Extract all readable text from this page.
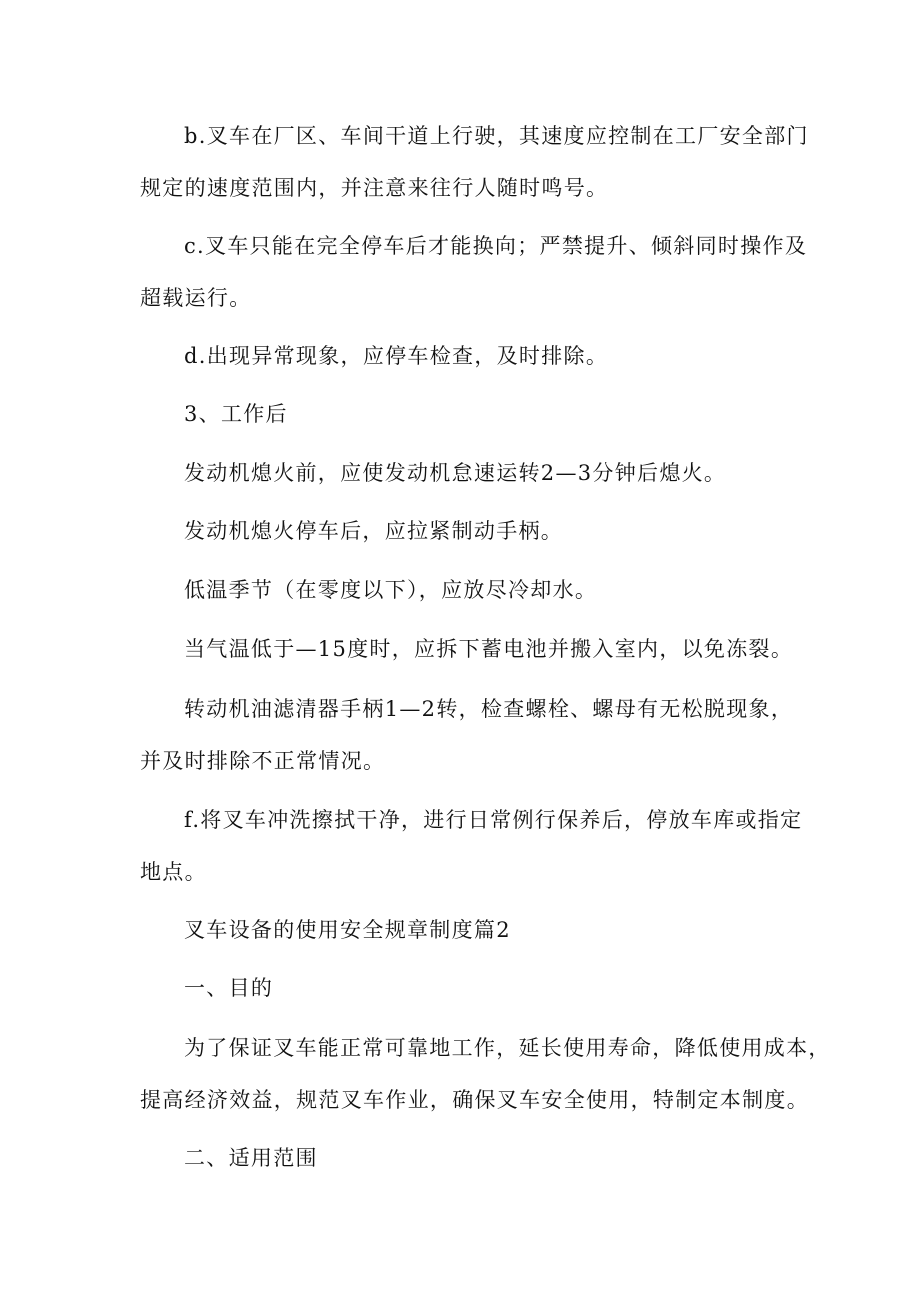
b.叉车在厂区、车间干道上行驶，其速度应控制在工厂安全部门
规定的速度范围内，并注意来往行人随时鸣号。

c.叉车只能在完全停车后才能换向；严禁提升、倾斜同时操作及
超载运行。

d.出现异常现象，应停车检查，及时排除。

3、工作后

发动机熄火前，应使发动机怠速运转2—3分钟后熄火。

发动机熄火停车后，应拉紧制动手柄。

低温季节（在零度以下），应放尽冷却水。

当气温低于—15度时，应拆下蓄电池并搬入室内，以免冻裂。

转动机油滤清器手柄1—2转，检查螺栓、螺母有无松脱现象，
并及时排除不正常情况。

f.将叉车冲洗擦拭干净，进行日常例行保养后，停放车库或指定
地点。

叉车设备的使用安全规章制度篇2

一、目的

为了保证叉车能正常可靠地工作，延长使用寿命，降低使用成本，
提高经济效益，规范叉车作业，确保叉车安全使用，特制定本制度。

二、适用范围
